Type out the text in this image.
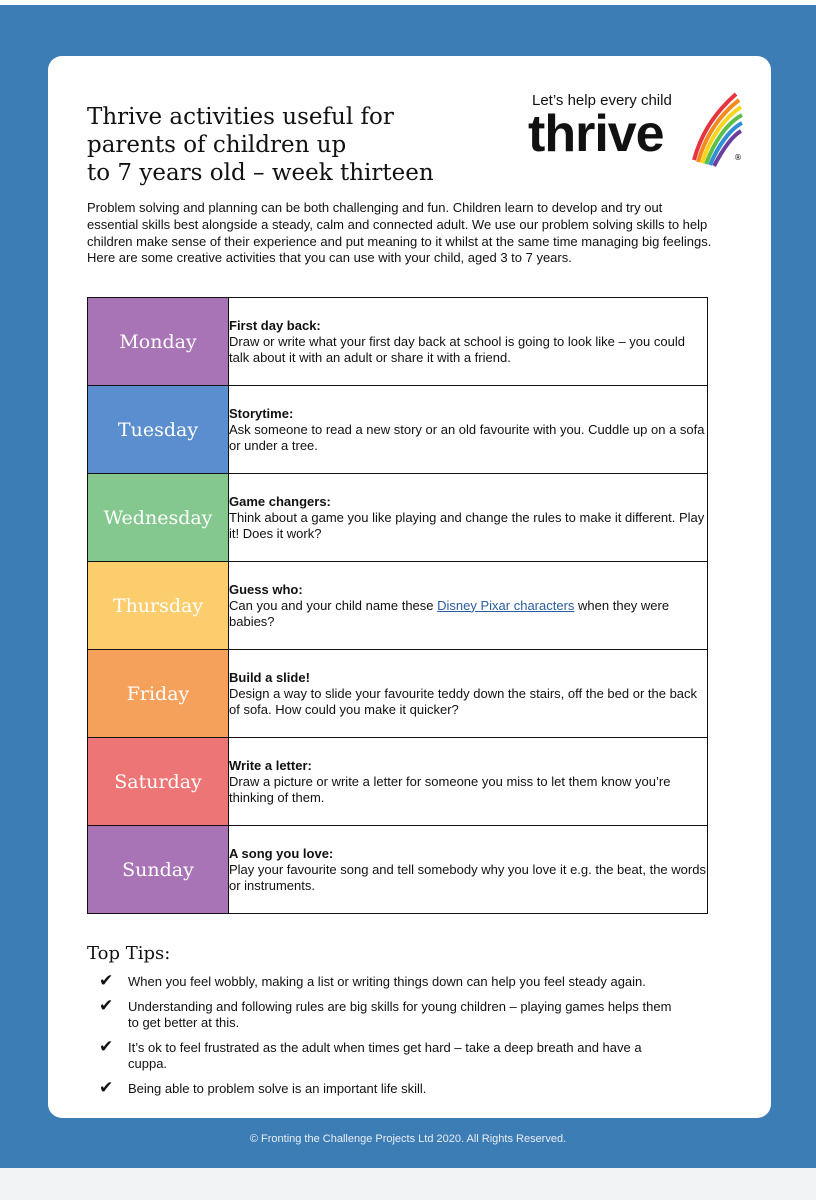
Thrive activities useful for
parents of children up
to 7 years old – week thirteen
Let’s help every child
thrive	®

Problem solving and planning can be both challenging and fun. Children learn to develop and try out essential skills best alongside a steady, calm and connected adult. We use our problem solving skills to help children make sense of their experience and put meaning to it whilst at the same time managing big feelings. Here are some creative activities that you can use with your child, aged 3 to 7 years.

Monday	First day back:
Draw or write what your first day back at school is going to look like – you could talk about it with an adult or share it with a friend.
Tuesday	Storytime:
Ask someone to read a new story or an old favourite with you. Cuddle up on a sofa or under a tree.
Wednesday	Game changers:
Think about a game you like playing and change the rules to make it different. Play it! Does it work?
Thursday	Guess who:
Can you and your child name these Disney Pixar characters when they were babies?
Friday	Build a slide!
Design a way to slide your favourite teddy down the stairs, off the bed or the back of sofa. How could you make it quicker?
Saturday	Write a letter:
Draw a picture or write a letter for someone you miss to let them know you’re thinking of them.
Sunday	A song you love:
Play your favourite song and tell somebody why you love it e.g. the beat, the words or instruments.
Top Tips:
✔ When you feel wobbly, making a list or writing things down can help you feel steady again.
✔ Understanding and following rules are big skills for young children – playing games helps them to get better at this.
✔ It’s ok to feel frustrated as the adult when times get hard – take a deep breath and have a cuppa.
✔ Being able to problem solve is an important life skill.
© Fronting the Challenge Projects Ltd 2020. All Rights Reserved.
